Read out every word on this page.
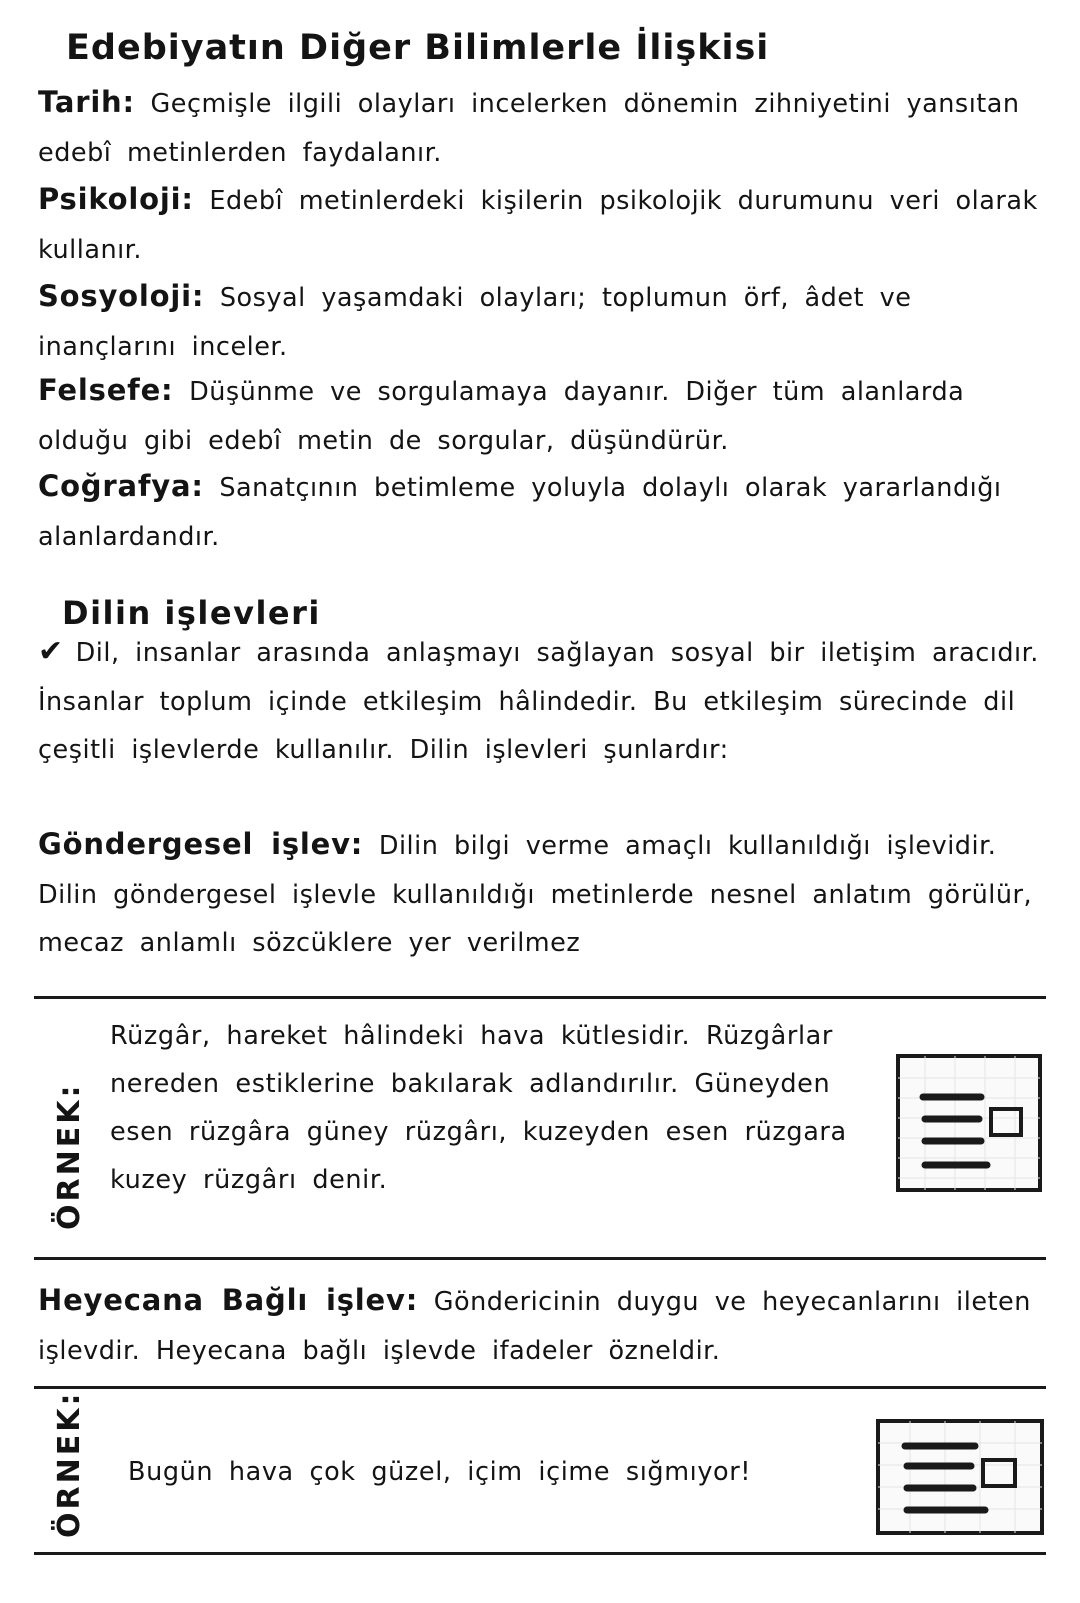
Edebiyatın Diğer Bilimlerle İlişkisi

Tarih: Geçmişle ilgili olayları incelerken dönemin zihniyetini yansıtan edebî metinlerden faydalanır.

Psikoloji: Edebî metinlerdeki kişilerin psikolojik durumunu veri olarak kullanır.

Sosyoloji: Sosyal yaşamdaki olayları; toplumun örf, âdet ve inançlarını inceler.

Felsefe: Düşünme ve sorgulamaya dayanır. Diğer tüm alanlarda olduğu gibi edebî metin de sorgular, düşündürür.

Coğrafya: Sanatçının betimleme yoluyla dolaylı olarak yararlandığı alanlardandır.

Dilin işlevleri

✔ Dil, insanlar arasında anlaşmayı sağlayan sosyal bir iletişim aracıdır. İnsanlar toplum içinde etkileşim hâlindedir. Bu etkileşim sürecinde dil çeşitli işlevlerde kullanılır. Dilin işlevleri şunlardır:

Göndergesel işlev: Dilin bilgi verme amaçlı kullanıldığı işlevidir. Dilin göndergesel işlevle kullanıldığı metinlerde nesnel anlatım görülür, mecaz anlamlı sözcüklere yer verilmez

ÖRNEK:

Rüzgâr, hareket hâlindeki hava kütlesidir. Rüzgârlar nereden estiklerine bakılarak adlandırılır. Güneyden esen rüzgâra güney rüzgârı, kuzeyden esen rüzgara kuzey rüzgârı denir.

Heyecana Bağlı işlev: Göndericinin duygu ve heyecanlarını ileten işlevdir. Heyecana bağlı işlevde ifadeler özneldir.

ÖRNEK: Bugün hava çok güzel, içim içime sığmıyor!
